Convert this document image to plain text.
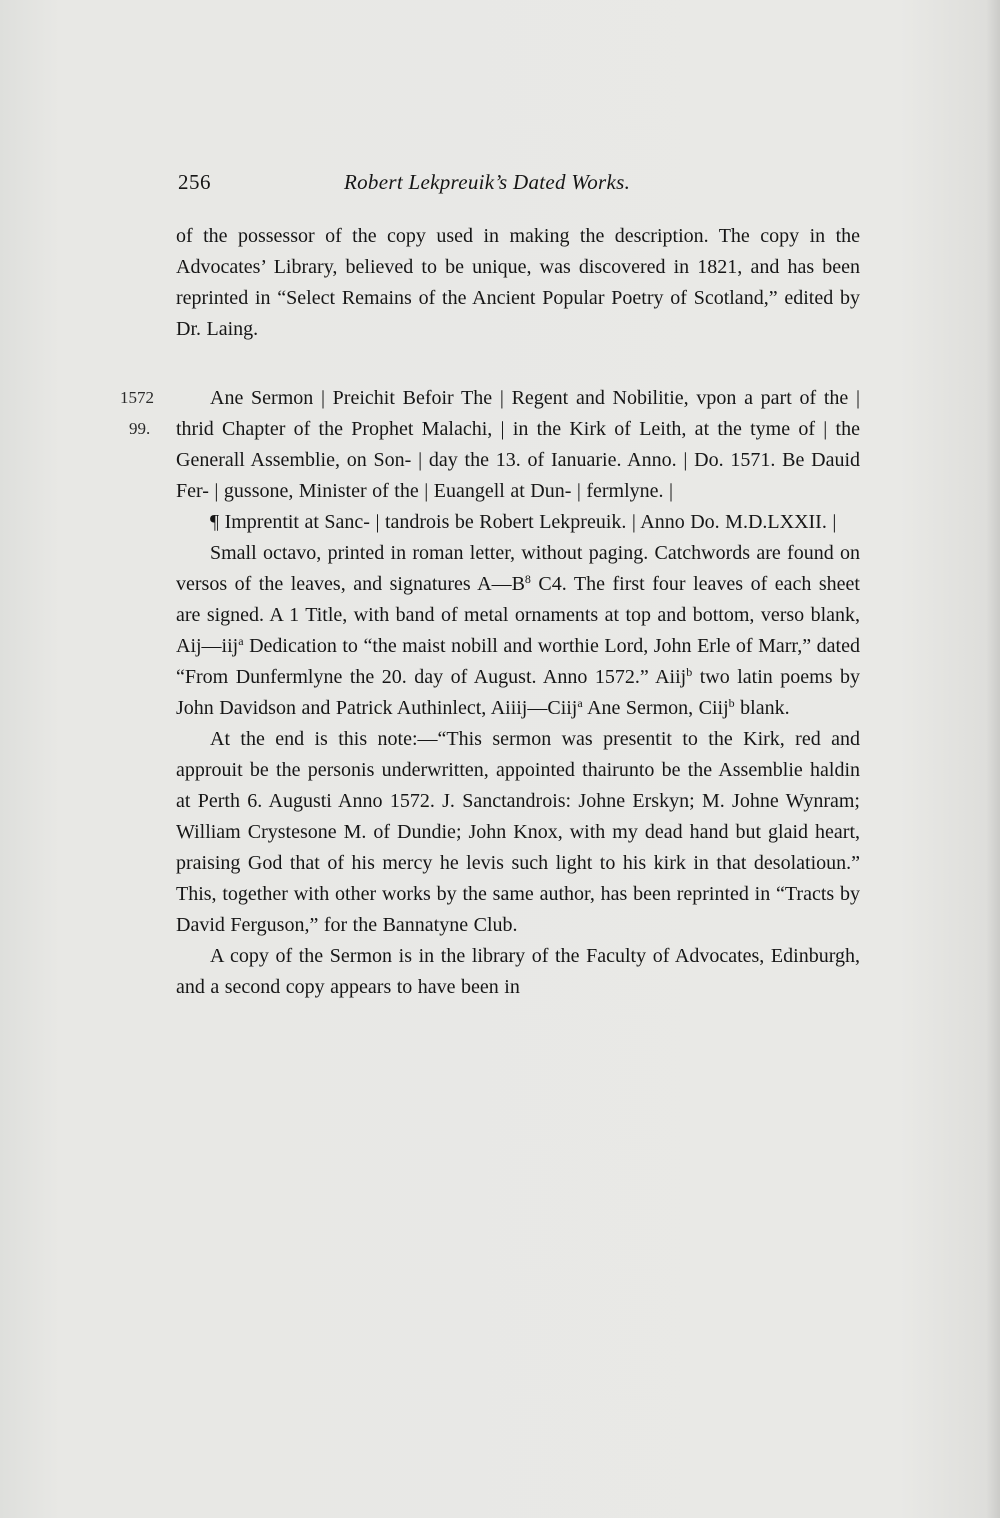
256	Robert Lekpreuik’s Dated Works.

of the possessor of the copy used in making the description. The copy in the Advocates’ Library, believed to be unique, was discovered in 1821, and has been reprinted in “Select Remains of the Ancient Popular Poetry of Scotland,” edited by Dr. Laing.

1572
99.

Ane Sermon | Preichit Befoir The | Regent and Nobilitie, vpon a part of the | thrid Chapter of the Prophet Malachi, | in the Kirk of Leith, at the tyme of | the Generall Assemblie, on Son- | day the 13. of Ianuarie. Anno. | Do. 1571. Be Dauid Fer- | gussone, Minister of the | Euangell at Dun- | fermlyne. |

¶ Imprentit at Sanc- | tandrois be Robert Lekpreuik. | Anno Do. M.D.LXXII. |

Small octavo, printed in roman letter, without paging. Catchwords are found on versos of the leaves, and signatures $A—B^8$ C4. The first four leaves of each sheet are signed. A 1 Title, with band of metal ornaments at top and bottom, verso blank, Aij—iij$^a$ Dedication to “the maist nobill and worthie Lord, John Erle of Marr,” dated “From Dunfermlyne the 20. day of August. Anno 1572.” Aiij$^b$ two latin poems by John Davidson and Patrick Authinlect, Aiiij—Ciij$^a$ Ane Sermon, Ciij$^b$ blank.

At the end is this note:—“This sermon was presentit to the Kirk, red and approuit be the personis underwritten, appointed thairunto be the Assemblie haldin at Perth 6. Augusti Anno 1572. J. Sanctandrois: Johne Erskyn; M. Johne Wynram; William Crystesone M. of Dundie; John Knox, with my dead hand but glaid heart, praising God that of his mercy he levis such light to his kirk in that desolatioun.” This, together with other works by the same author, has been reprinted in “Tracts by David Ferguson,” for the Bannatyne Club.

A copy of the Sermon is in the library of the Faculty of Advocates, Edinburgh, and a second copy appears to have been in
